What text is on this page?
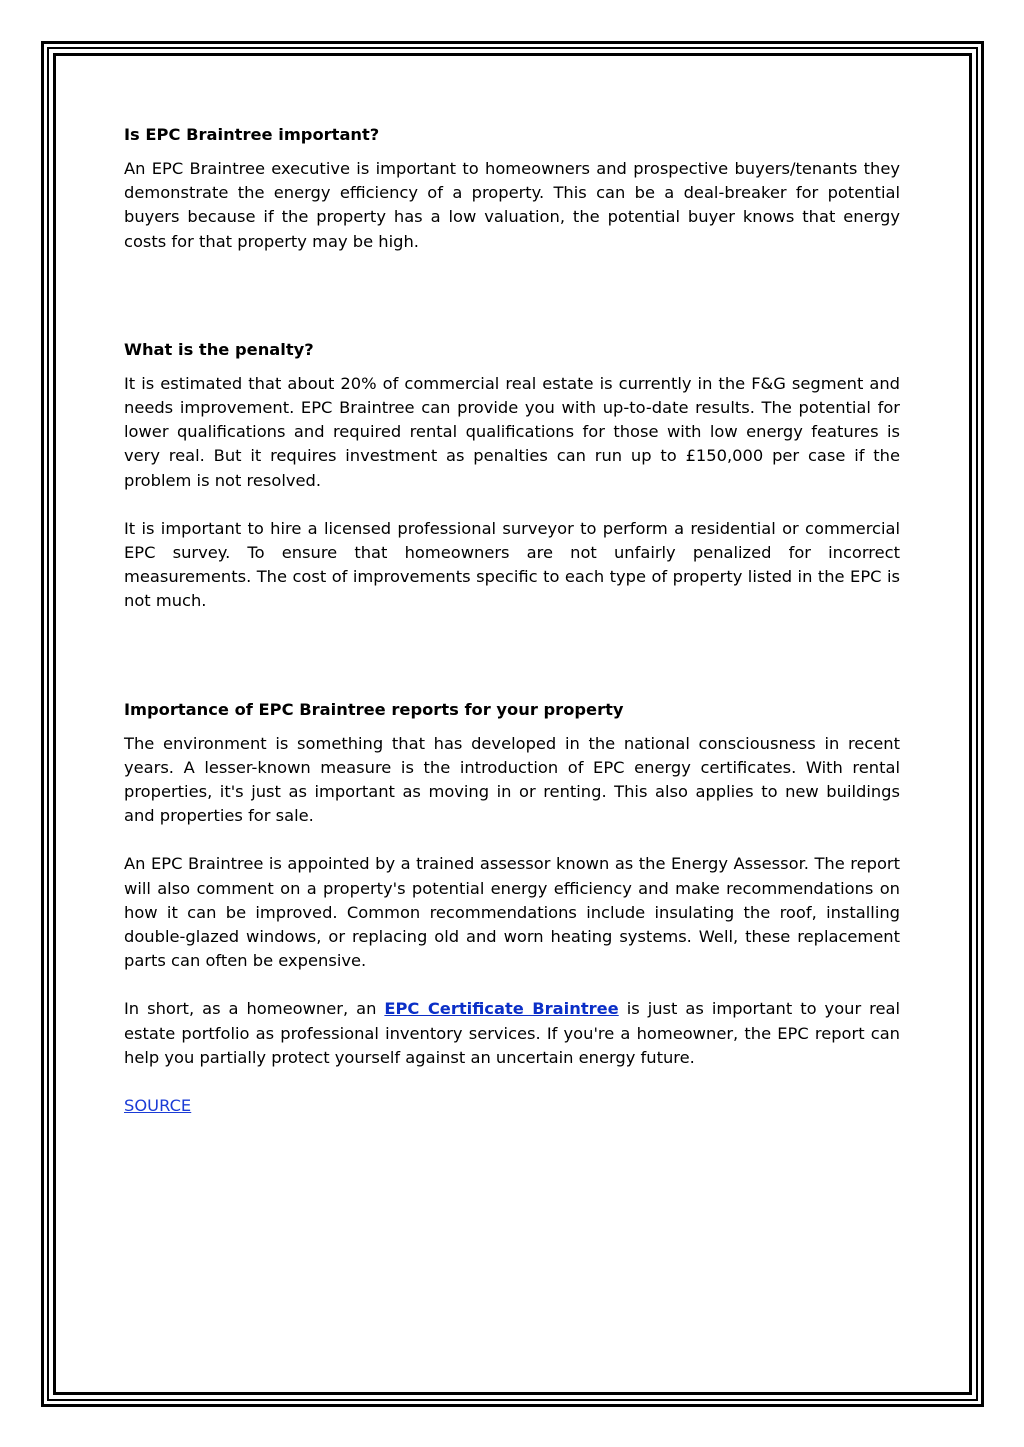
Is EPC Braintree important?

An EPC Braintree executive is important to homeowners and prospective buyers/tenants they demonstrate the energy efficiency of a property. This can be a deal-breaker for potential buyers because if the property has a low valuation, the potential buyer knows that energy costs for that property may be high.

What is the penalty?

It is estimated that about 20% of commercial real estate is currently in the F&G segment and needs improvement. EPC Braintree can provide you with up-to-date results. The potential for lower qualifications and required rental qualifications for those with low energy features is very real. But it requires investment as penalties can run up to £150,000 per case if the problem is not resolved.

It is important to hire a licensed professional surveyor to perform a residential or commercial EPC survey. To ensure that homeowners are not unfairly penalized for incorrect measurements. The cost of improvements specific to each type of property listed in the EPC is not much.

Importance of EPC Braintree reports for your property

The environment is something that has developed in the national consciousness in recent years. A lesser-known measure is the introduction of EPC energy certificates. With rental properties, it's just as important as moving in or renting. This also applies to new buildings and properties for sale.

An EPC Braintree is appointed by a trained assessor known as the Energy Assessor. The report will also comment on a property's potential energy efficiency and make recommendations on how it can be improved. Common recommendations include insulating the roof, installing double-glazed windows, or replacing old and worn heating systems. Well, these replacement parts can often be expensive.

In short, as a homeowner, an EPC Certificate Braintree is just as important to your real estate portfolio as professional inventory services. If you're a homeowner, the EPC report can help you partially protect yourself against an uncertain energy future.

SOURCE
